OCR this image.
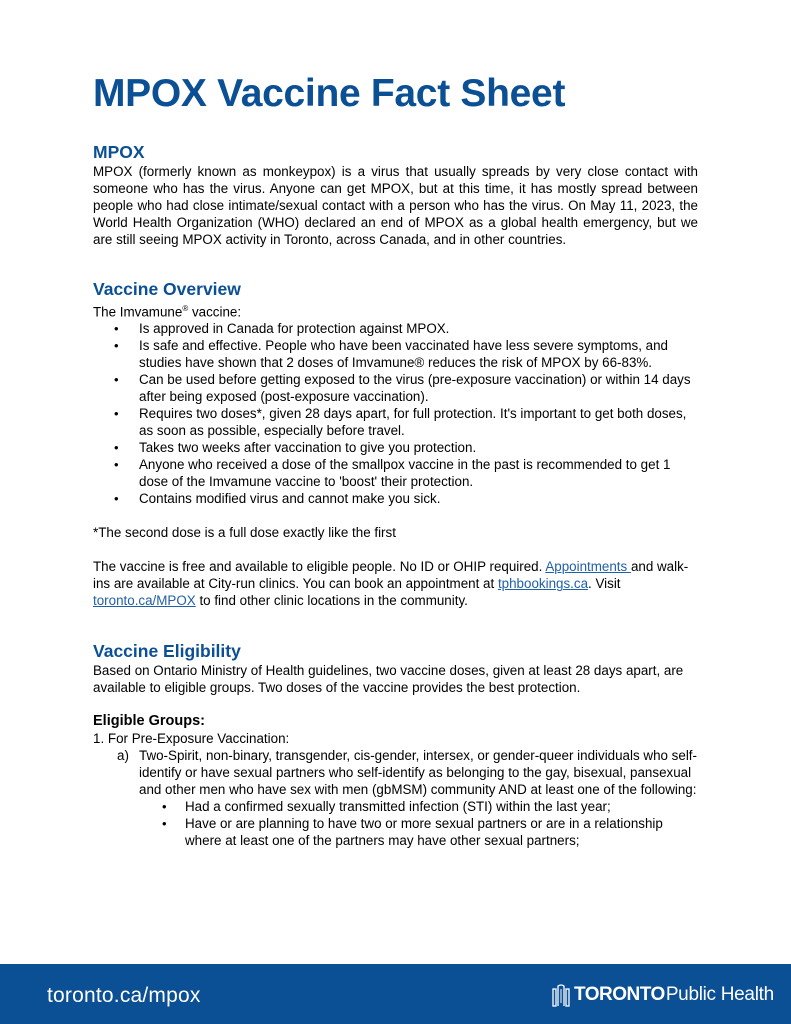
MPOX Vaccine Fact Sheet
MPOX

MPOX (formerly known as monkeypox) is a virus that usually spreads by very close contact with someone who has the virus. Anyone can get MPOX, but at this time, it has mostly spread between people who had close intimate/sexual contact with a person who has the virus. On May 11, 2023, the World Health Organization (WHO) declared an end of MPOX as a global health emergency, but we are still seeing MPOX activity in Toronto, across Canada, and in other countries.

Vaccine Overview

The Imvamune® vaccine:

• Is approved in Canada for protection against MPOX.
• Is safe and effective. People who have been vaccinated have less severe symptoms, and studies have shown that 2 doses of Imvamune® reduces the risk of MPOX by 66-83%.
• Can be used before getting exposed to the virus (pre-exposure vaccination) or within 14 days after being exposed (post-exposure vaccination).
• Requires two doses*, given 28 days apart, for full protection. It's important to get both doses, as soon as possible, especially before travel.
• Takes two weeks after vaccination to give you protection.
• Anyone who received a dose of the smallpox vaccine in the past is recommended to get 1 dose of the Imvamune vaccine to 'boost' their protection.
• Contains modified virus and cannot make you sick.

*The second dose is a full dose exactly like the first

The vaccine is free and available to eligible people. No ID or OHIP required. Appointments and walk-ins are available at City-run clinics. You can book an appointment at tphbookings.ca. Visit toronto.ca/MPOX to find other clinic locations in the community.

Vaccine Eligibility

Based on Ontario Ministry of Health guidelines, two vaccine doses, given at least 28 days apart, are available to eligible groups. Two doses of the vaccine provides the best protection.

Eligible Groups:

1. For Pre-Exposure Vaccination:

a) Two-Spirit, non-binary, transgender, cis-gender, intersex, or gender-queer individuals who self-identify or have sexual partners who self-identify as belonging to the gay, bisexual, pansexual and other men who have sex with men (gbMSM) community AND at least one of the following:

• Had a confirmed sexually transmitted infection (STI) within the last year;
• Have or are planning to have two or more sexual partners or are in a relationship where at least one of the partners may have other sexual partners;
toronto.ca/mpox	TORONTO Public Health
